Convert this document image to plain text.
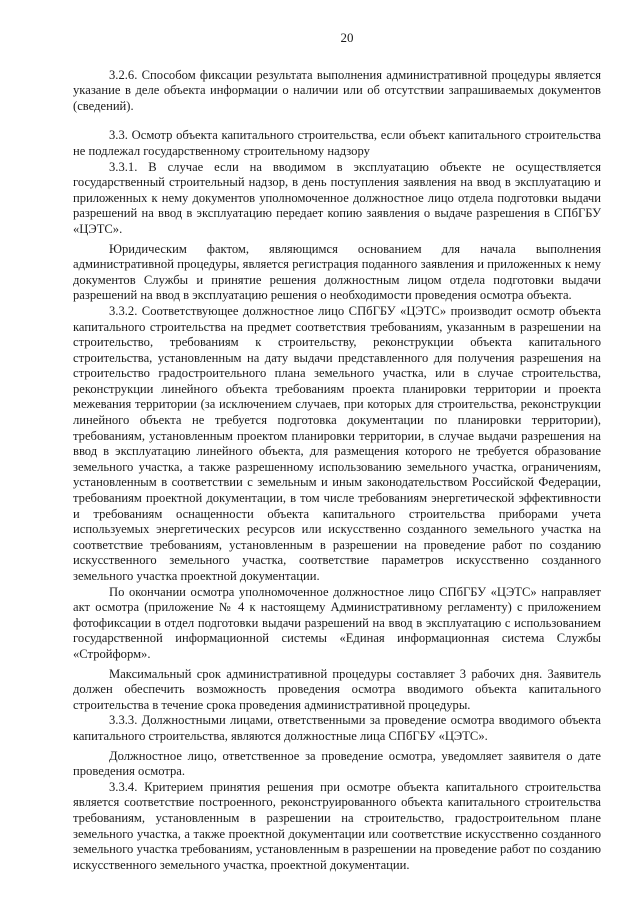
20

3.2.6. Способом фиксации результата выполнения административной процедуры является указание в деле объекта информации о наличии или об отсутствии запрашиваемых документов (сведений).

3.3. Осмотр объекта капитального строительства, если объект капитального строительства не подлежал государственному строительному надзору

3.3.1. В случае если на вводимом в эксплуатацию объекте не осуществляется государственный строительный надзор, в день поступления заявления на ввод в эксплуатацию и приложенных к нему документов уполномоченное должностное лицо отдела подготовки выдачи разрешений на ввод в эксплуатацию передает копию заявления о выдаче разрешения в СПбГБУ «ЦЭТС».

Юридическим фактом, являющимся основанием для начала выполнения административной процедуры, является регистрация поданного заявления и приложенных к нему документов Службы и принятие решения должностным лицом отдела подготовки выдачи разрешений на ввод в эксплуатацию решения о необходимости проведения осмотра объекта.

3.3.2. Соответствующее должностное лицо СПбГБУ «ЦЭТС» производит осмотр объекта капитального строительства на предмет соответствия требованиям, указанным в разрешении на строительство, требованиям к строительству, реконструкции объекта капитального строительства, установленным на дату выдачи представленного для получения разрешения на строительство градостроительного плана земельного участка, или в случае строительства, реконструкции линейного объекта требованиям проекта планировки территории и проекта межевания территории (за исключением случаев, при которых для строительства, реконструкции линейного объекта не требуется подготовка документации по планировки территории), требованиям, установленным проектом планировки территории, в случае выдачи разрешения на ввод в эксплуатацию линейного объекта, для размещения которого не требуется образование земельного участка, а также разрешенному использованию земельного участка, ограничениям, установленным в соответствии с земельным и иным законодательством Российской Федерации, требованиям проектной документации, в том числе требованиям энергетической эффективности и требованиям оснащенности объекта капитального строительства приборами учета используемых энергетических ресурсов или искусственно созданного земельного участка на соответствие требованиям, установленным в разрешении на проведение работ по созданию искусственного земельного участка, соответствие параметров искусственно созданного земельного участка проектной документации.

По окончании осмотра уполномоченное должностное лицо СПбГБУ «ЦЭТС» направляет акт осмотра (приложение № 4 к настоящему Административному регламенту) с приложением фотофиксации в отдел подготовки выдачи разрешений на ввод в эксплуатацию с использованием государственной информационной системы «Единая информационная система Службы «Стройформ».

Максимальный срок административной процедуры составляет 3 рабочих дня. Заявитель должен обеспечить возможность проведения осмотра вводимого объекта капитального строительства в течение срока проведения административной процедуры.

3.3.3. Должностными лицами, ответственными за проведение осмотра вводимого объекта капитального строительства, являются должностные лица СПбГБУ «ЦЭТС».

Должностное лицо, ответственное за проведение осмотра, уведомляет заявителя о дате проведения осмотра.

3.3.4. Критерием принятия решения при осмотре объекта капитального строительства является соответствие построенного, реконструированного объекта капитального строительства требованиям, установленным в разрешении на строительство, градостроительном плане земельного участка, а также проектной документации или соответствие искусственно созданного земельного участка требованиям, установленным в разрешении на проведение работ по созданию искусственного земельного участка, проектной документации.
